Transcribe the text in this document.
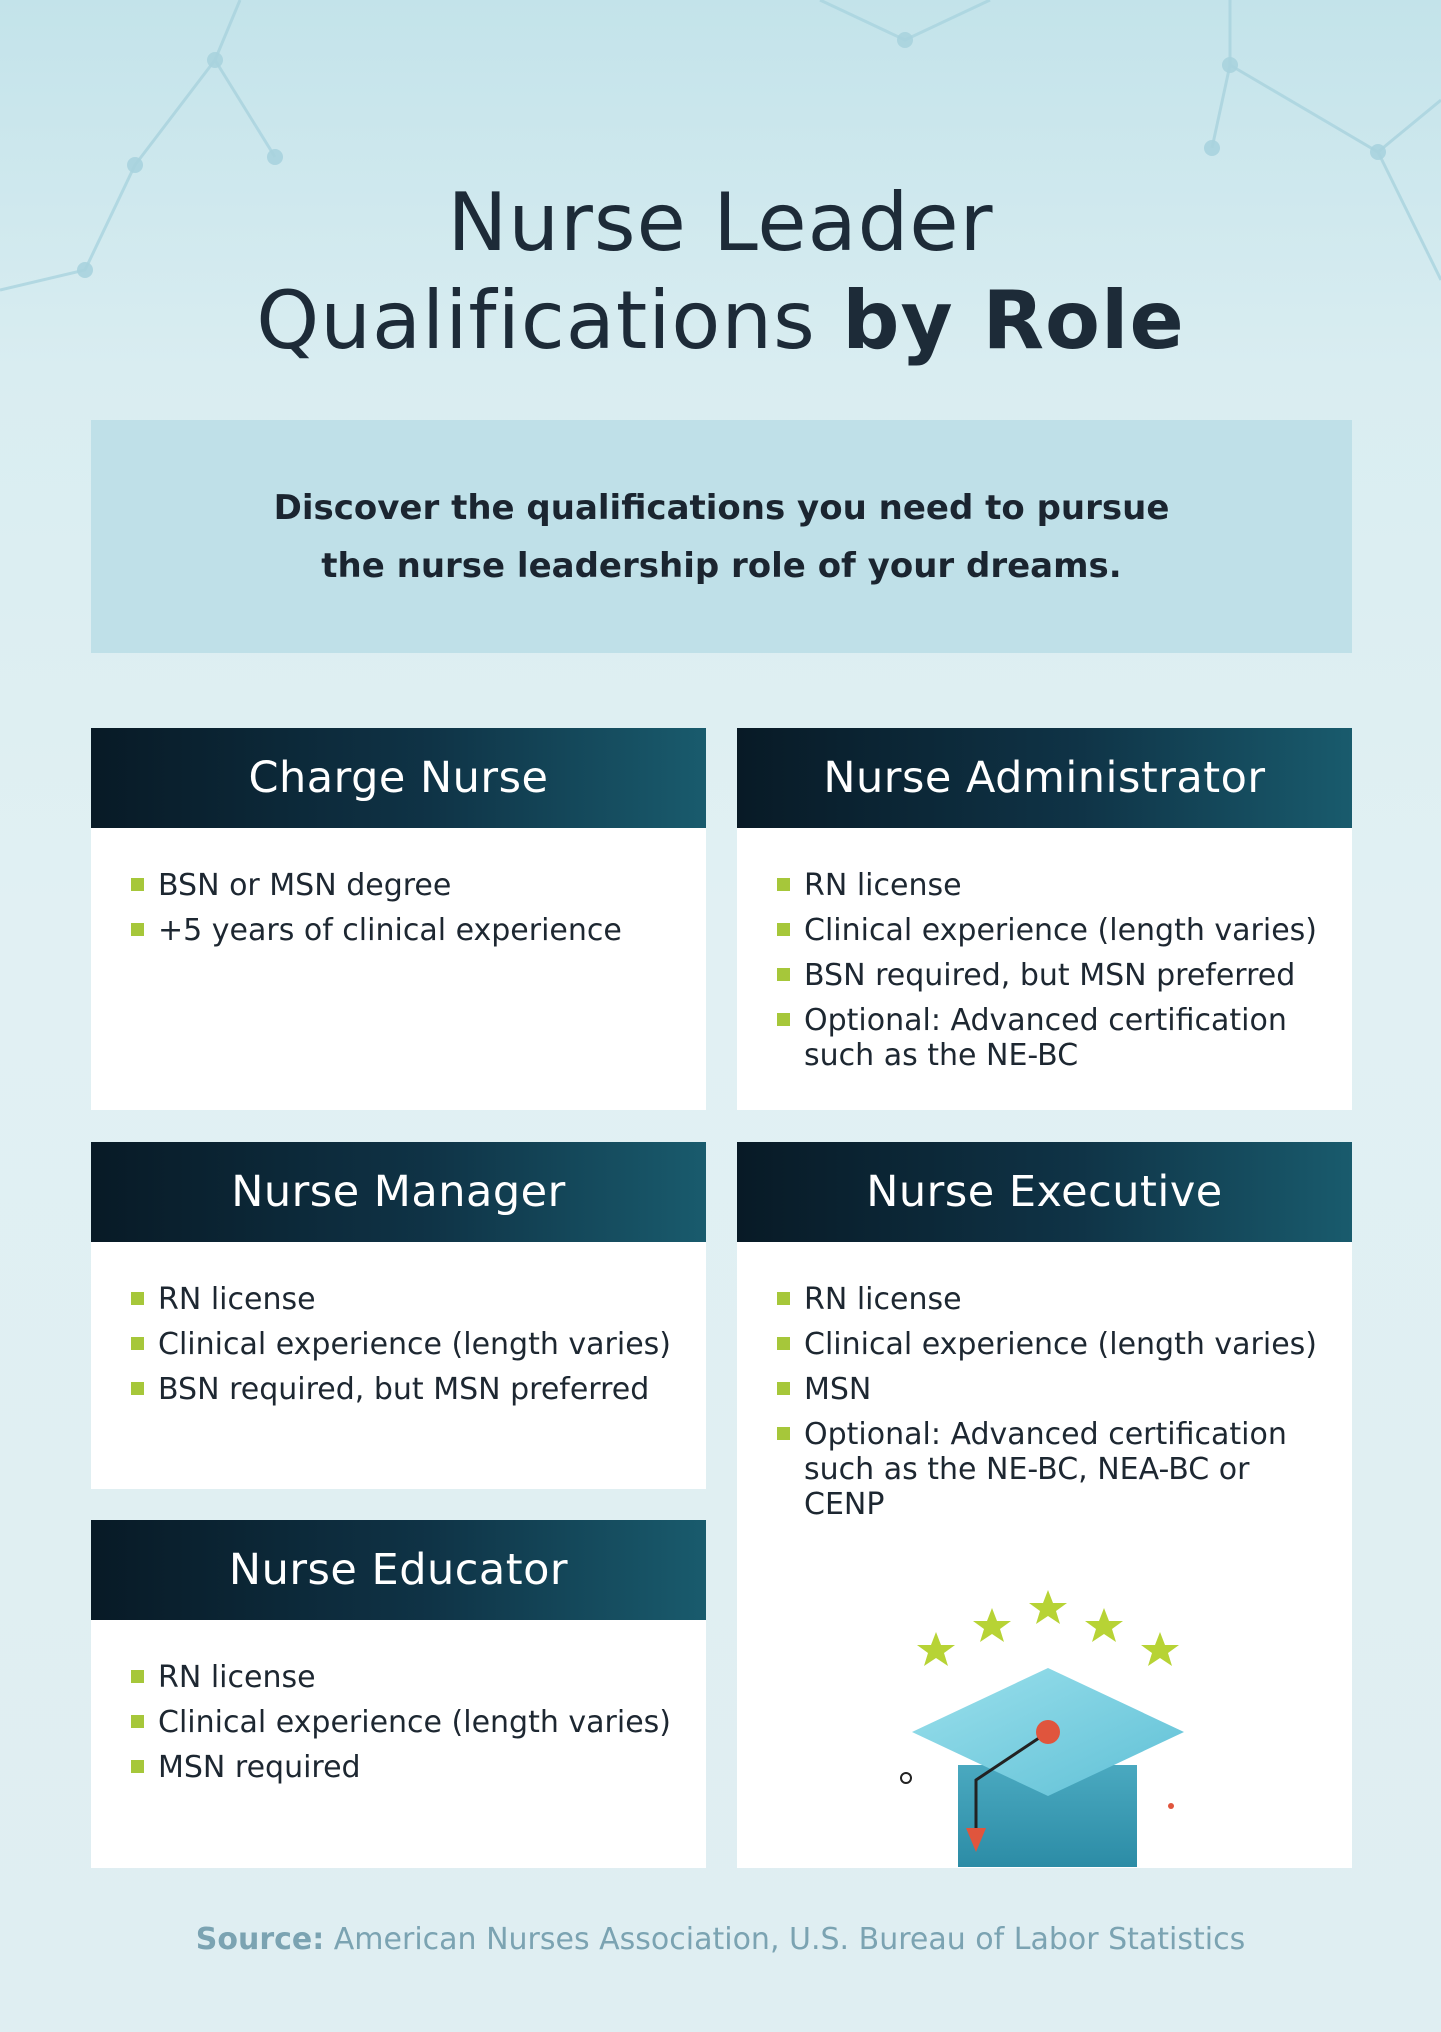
Nurse Leader
Qualifications by Role

Discover the qualifications you need to pursue
the nurse leadership role of your dreams.

Charge Nurse
BSN or MSN degree
+5 years of clinical experience
Nurse Administrator
RN license
Clinical experience (length varies)
BSN required, but MSN preferred
Optional: Advanced certification such as the NE-BC
Nurse Manager
RN license
Clinical experience (length varies)
BSN required, but MSN preferred
Nurse Executive
RN license
Clinical experience (length varies)
MSN
Optional: Advanced certification such as the NE-BC, NEA-BC or CENP
Nurse Educator
RN license
Clinical experience (length varies)
MSN required
Source: American Nurses Association, U.S. Bureau of Labor Statistics
